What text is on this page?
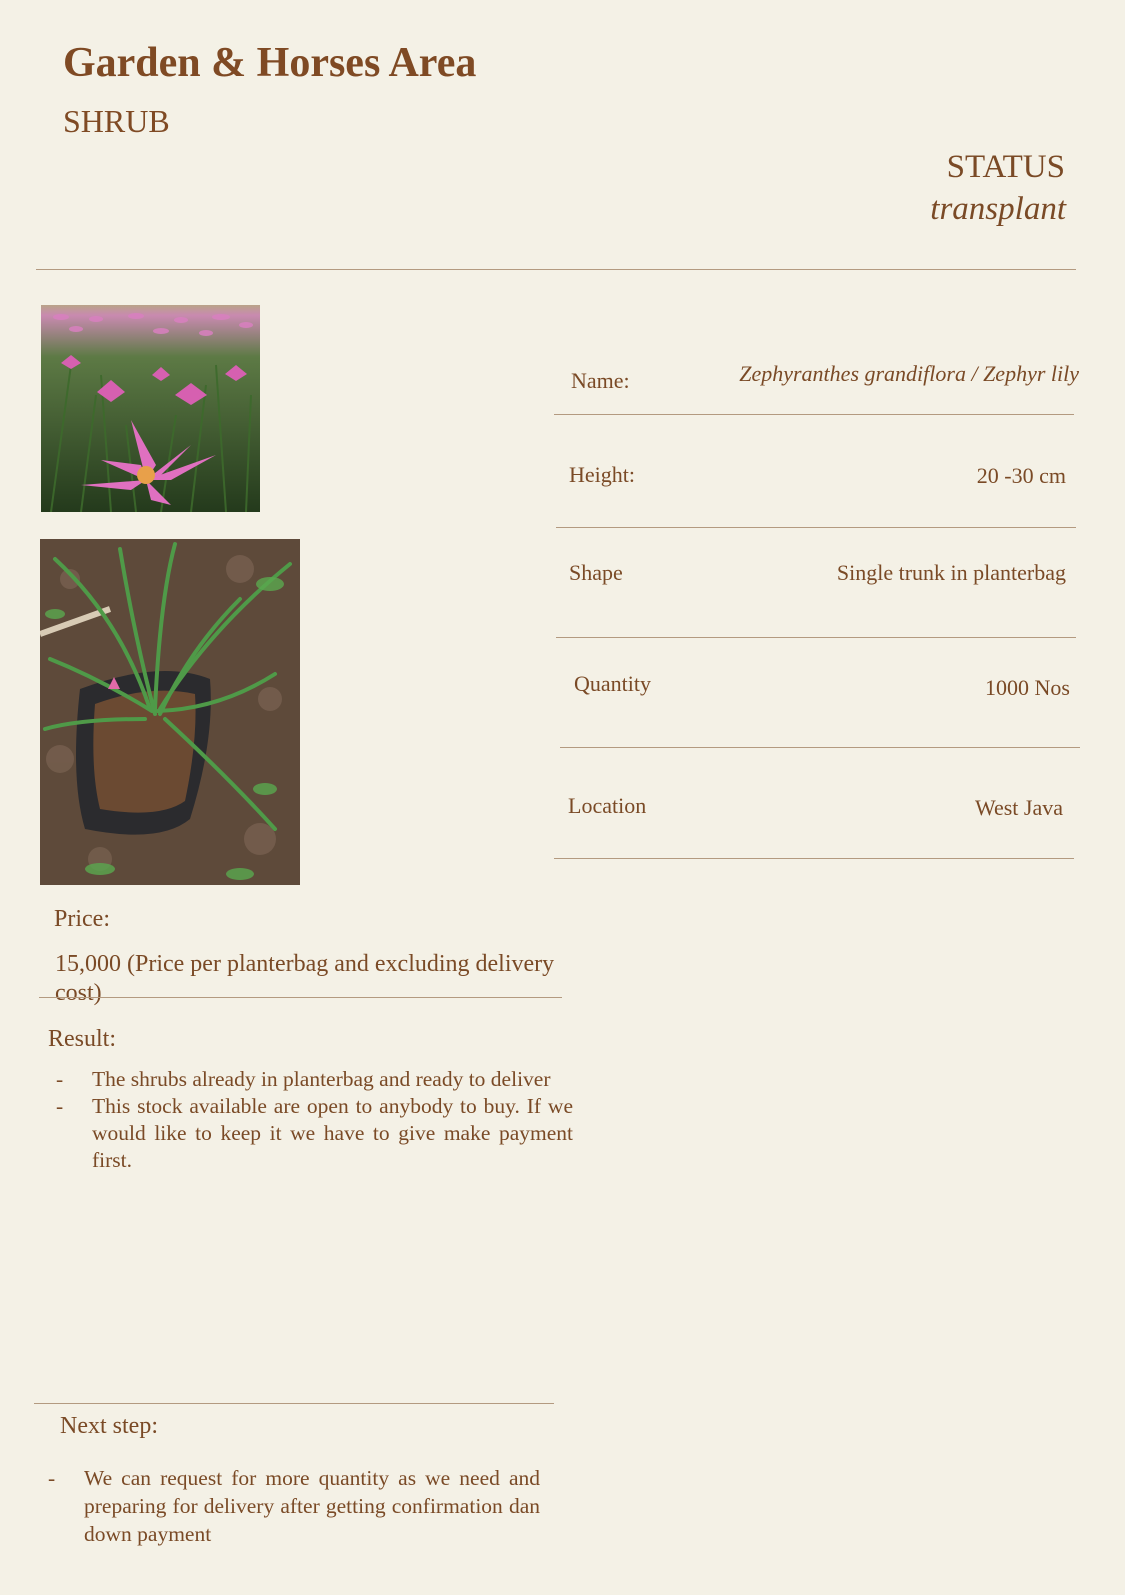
Garden & Horses Area
SHRUB
STATUS
transplant
Name:	Zephyranthes grandiflora / Zephyr lily
Height:	20 -30 cm
Shape	Single trunk in planterbag
Quantity	1000 Nos
Location	West Java
Price:
15,000 (Price per planterbag and excluding delivery cost)
Result:
- The shrubs already in planterbag and ready to deliver
- This stock available are open to anybody to buy. If we would like to keep it we have to give make payment first.
Next step:
- We can request for more quantity as we need and preparing for delivery after getting confirmation dan down payment
